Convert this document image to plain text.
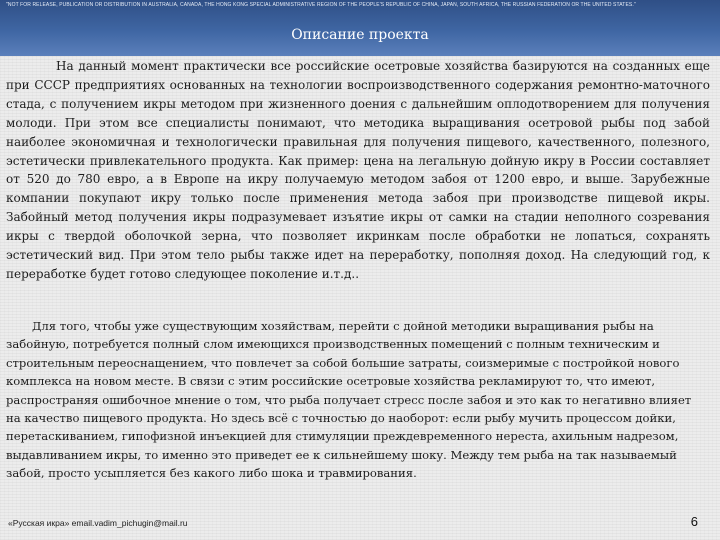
"NOT FOR RELEASE, PUBLICATION OR DISTRIBUTION IN AUSTRALIA, CANADA, THE HONG KONG SPECIAL ADMINISTRATIVE REGION OF THE PEOPLE'S REPUBLIC OF CHINA, JAPAN, SOUTH AFRICA, THE RUSSIAN FEDERATION OR THE UNITED STATES."
Описание проекта
На данный момент практически все российские осетровые хозяйства базируются на созданных еще при СССР предприятиях основанных на технологии воспроизводственного содержания ремонтно-маточного стада, с получением икры методом при жизненного доения с дальнейшим оплодотворением для получения молоди. При этом все специалисты понимают, что методика выращивания осетровой рыбы под забой наиболее экономичная и технологически правильная для получения пищевого, качественного, полезного, эстетически привлекательного продукта. Как пример: цена на легальную дойную икру в России составляет от 520 до 780 евро, а в Европе на икру получаемую методом забоя от 1200 евро, и выше. Зарубежные компании покупают икру только после применения метода забоя при производстве пищевой икры. Забойный метод получения икры подразумевает изъятие икры от самки на стадии неполного созревания икры с твердой оболочкой зерна, что позволяет икринкам после обработки не лопаться, сохранять эстетический вид. При этом тело рыбы также идет на переработку, пополняя доход. На следующий год, к переработке будет готово следующее поколение и.т.д..
Для того, чтобы уже существующим хозяйствам, перейти с дойной методики выращивания рыбы на забойную, потребуется полный слом имеющихся производственных помещений с полным техническим и строительным переоснащением, что повлечет за собой большие затраты, соизмеримые с постройкой нового комплекса на новом месте. В связи с этим российские осетровые хозяйства рекламируют то, что имеют, распространяя ошибочное мнение о том, что рыба получает стресс после забоя и это как то негативно влияет на качество пищевого продукта. Но здесь всё с точностью до наоборот: если рыбу мучить процессом дойки, перетаскиванием, гипофизной инъекцией для стимуляции преждевременного нереста, ахильным надрезом, выдавливанием икры, то именно это приведет ее к сильнейшему шоку. Между тем рыба на так называемый забой, просто усыпляется без какого либо шока и травмирования.
«Русская икра» email.vadim_pichugin@mail.ru	6
